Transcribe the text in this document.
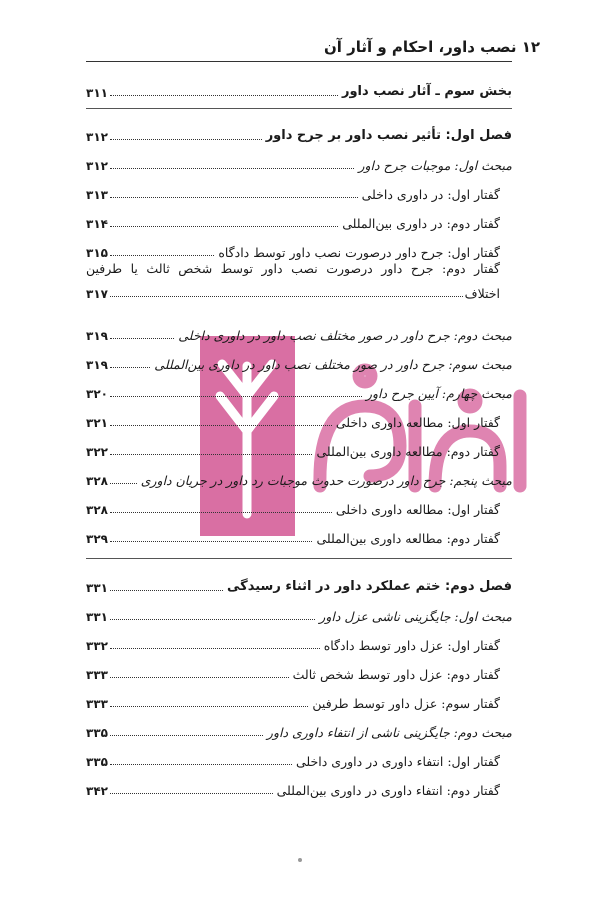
۱۲ نصب داور، احکام و آثار آن
بخش سوم ـ آثار نصب داور
۳۱۱
فصل اول: تأثیر نصب داور بر جرح داور
۳۱۲
مبحث اول: موجبات جرح داور
۳۱۲
گفتار اول: در داوری داخلی
۳۱۳
گفتار دوم: در داوری بین‌المللی
۳۱۴
گفتار اول: جرح داور درصورت نصب داور توسط دادگاه
۳۱۵
گفتار دوم: جرح داور درصورت نصب داور توسط شخص ثالث یا طرفین
اختلاف
۳۱۷
مبحث دوم: جرح داور در صور مختلف نصب داور در داوری داخلی
۳۱۹
مبحث سوم: جرح داور در صور مختلف نصب داور در داوری بین‌المللی
۳۱۹
مبحث چهارم: آیین جرح داور
۳۲۰
گفتار اول: مطالعه داوری داخلی
۳۲۱
گفتار دوم: مطالعه داوری بین‌المللی
۳۲۲
مبحث پنجم: جرح داور درصورت حدوث موجبات رد داور در جریان داوری
۳۲۸
گفتار اول: مطالعه داوری داخلی
۳۲۸
گفتار دوم: مطالعه داوری بین‌المللی
۳۲۹
فصل دوم: ختم عملکرد داور در اثناء رسیدگی
۳۳۱
مبحث اول: جایگزینی ناشی عزل داور
۳۳۱
گفتار اول: عزل داور توسط دادگاه
۳۳۲
گفتار دوم: عزل داور توسط شخص ثالث
۳۳۳
گفتار سوم: عزل داور توسط طرفین
۳۳۳
مبحث دوم: جایگزینی ناشی از انتفاء داوری داور
۳۳۵
گفتار اول: انتفاء داوری در داوری داخلی
۳۳۵
گفتار دوم: انتفاء داوری در داوری بین‌المللی
۳۴۲
